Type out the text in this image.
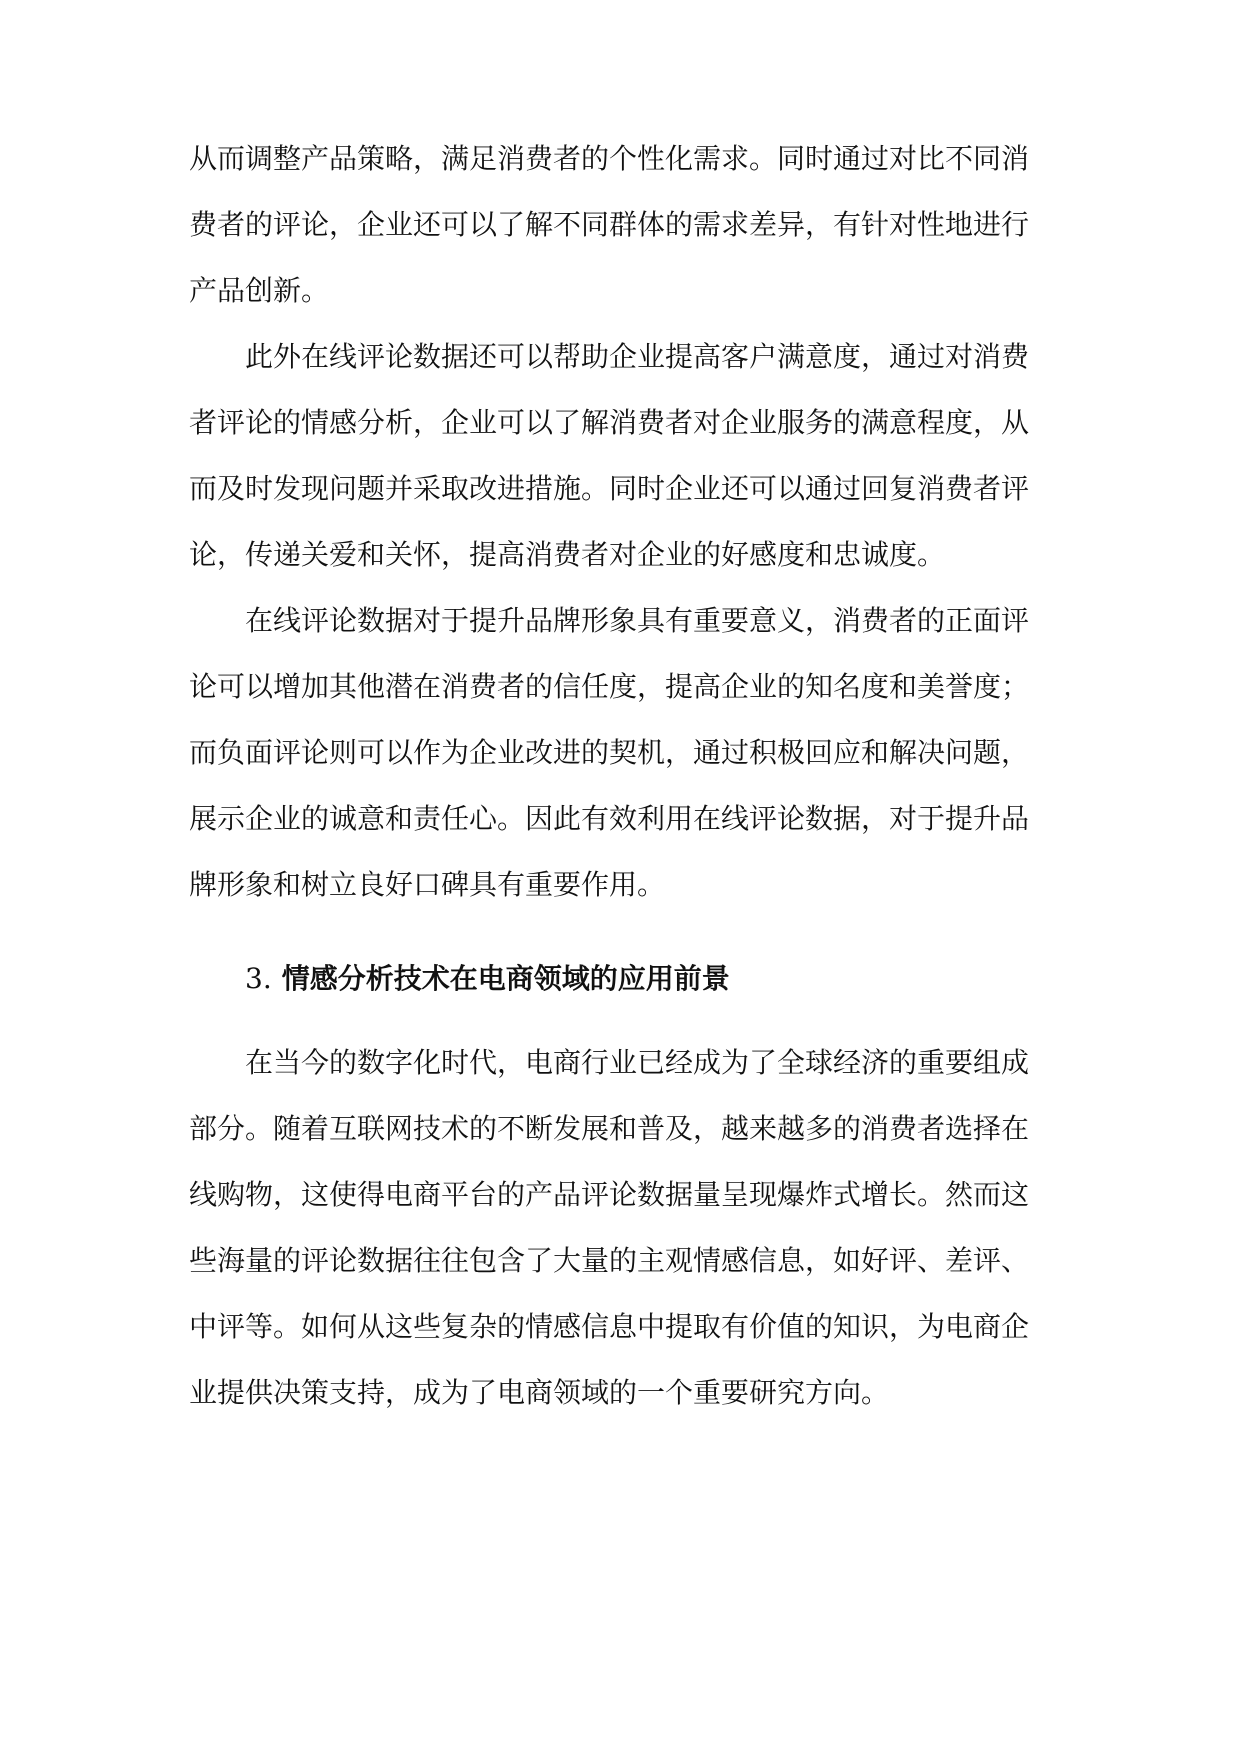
从而调整产品策略，满足消费者的个性化需求。同时通过对比不同消
费者的评论，企业还可以了解不同群体的需求差异，有针对性地进行
产品创新。
此外在线评论数据还可以帮助企业提高客户满意度，通过对消费
者评论的情感分析，企业可以了解消费者对企业服务的满意程度，从
而及时发现问题并采取改进措施。同时企业还可以通过回复消费者评
论，传递关爱和关怀，提高消费者对企业的好感度和忠诚度。
在线评论数据对于提升品牌形象具有重要意义，消费者的正面评
论可以增加其他潜在消费者的信任度，提高企业的知名度和美誉度；
而负面评论则可以作为企业改进的契机，通过积极回应和解决问题，
展示企业的诚意和责任心。因此有效利用在线评论数据，对于提升品
牌形象和树立良好口碑具有重要作用。
3. 情感分析技术在电商领域的应用前景
在当今的数字化时代，电商行业已经成为了全球经济的重要组成
部分。随着互联网技术的不断发展和普及，越来越多的消费者选择在
线购物，这使得电商平台的产品评论数据量呈现爆炸式增长。然而这
些海量的评论数据往往包含了大量的主观情感信息，如好评、差评、
中评等。如何从这些复杂的情感信息中提取有价值的知识，为电商企
业提供决策支持，成为了电商领域的一个重要研究方向。
